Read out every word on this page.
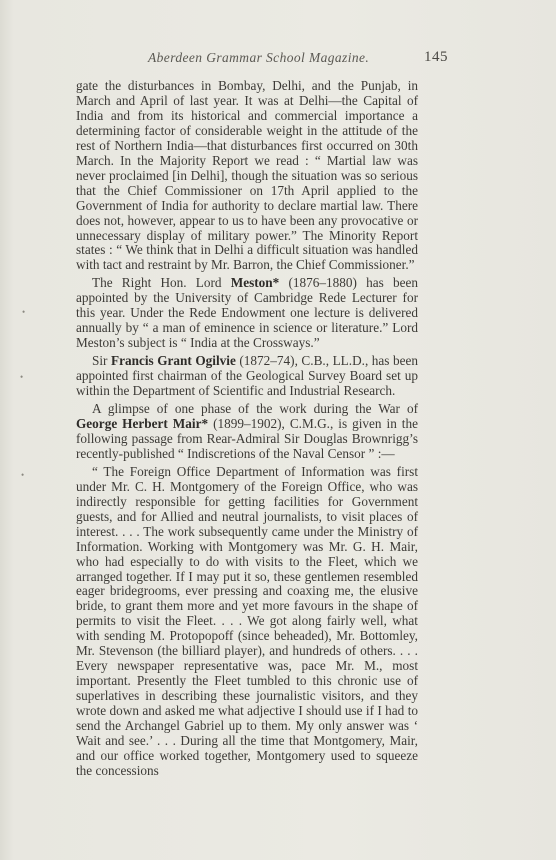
Aberdeen Grammar School Magazine.	145

gate the disturbances in Bombay, Delhi, and the Punjab, in March and April of last year. It was at Delhi—the Capital of India and from its historical and commercial importance a determining factor of considerable weight in the attitude of the rest of Northern India—that disturbances first occurred on 30th March. In the Majority Report we read : “ Martial law was never proclaimed [in Delhi], though the situation was so serious that the Chief Commissioner on 17th April applied to the Government of India for authority to declare martial law. There does not, however, appear to us to have been any provocative or unnecessary display of military power.” The Minority Report states : “ We think that in Delhi a difficult situation was handled with tact and restraint by Mr. Barron, the Chief Commissioner.”

The Right Hon. Lord Meston* (1876–1880) has been appointed by the University of Cambridge Rede Lecturer for this year. Under the Rede Endowment one lecture is delivered annually by “ a man of eminence in science or literature.” Lord Meston’s subject is “ India at the Crossways.”

Sir Francis Grant Ogilvie (1872–74), C.B., LL.D., has been appointed first chairman of the Geological Survey Board set up within the Department of Scientific and Industrial Research.

A glimpse of one phase of the work during the War of George Herbert Mair* (1899–1902), C.M.G., is given in the following passage from Rear-Admiral Sir Douglas Brownrigg’s recently-published “ Indiscretions of the Naval Censor ” :—

“ The Foreign Office Department of Information was first under Mr. C. H. Montgomery of the Foreign Office, who was indirectly responsible for getting facilities for Government guests, and for Allied and neutral journalists, to visit places of interest. . . . The work subsequently came under the Ministry of Information. Working with Montgomery was Mr. G. H. Mair, who had especially to do with visits to the Fleet, which we arranged together. If I may put it so, these gentlemen resembled eager bridegrooms, ever pressing and coaxing me, the elusive bride, to grant them more and yet more favours in the shape of permits to visit the Fleet. . . . We got along fairly well, what with sending M. Protopopoff (since beheaded), Mr. Bottomley, Mr. Stevenson (the billiard player), and hundreds of others. . . . Every newspaper representative was, pace Mr. M., most important. Presently the Fleet tumbled to this chronic use of superlatives in describing these journalistic visitors, and they wrote down and asked me what adjective I should use if I had to send the Archangel Gabriel up to them. My only answer was ‘ Wait and see.’ . . . During all the time that Montgomery, Mair, and our office worked together, Montgomery used to squeeze the concessions

•
•
•
